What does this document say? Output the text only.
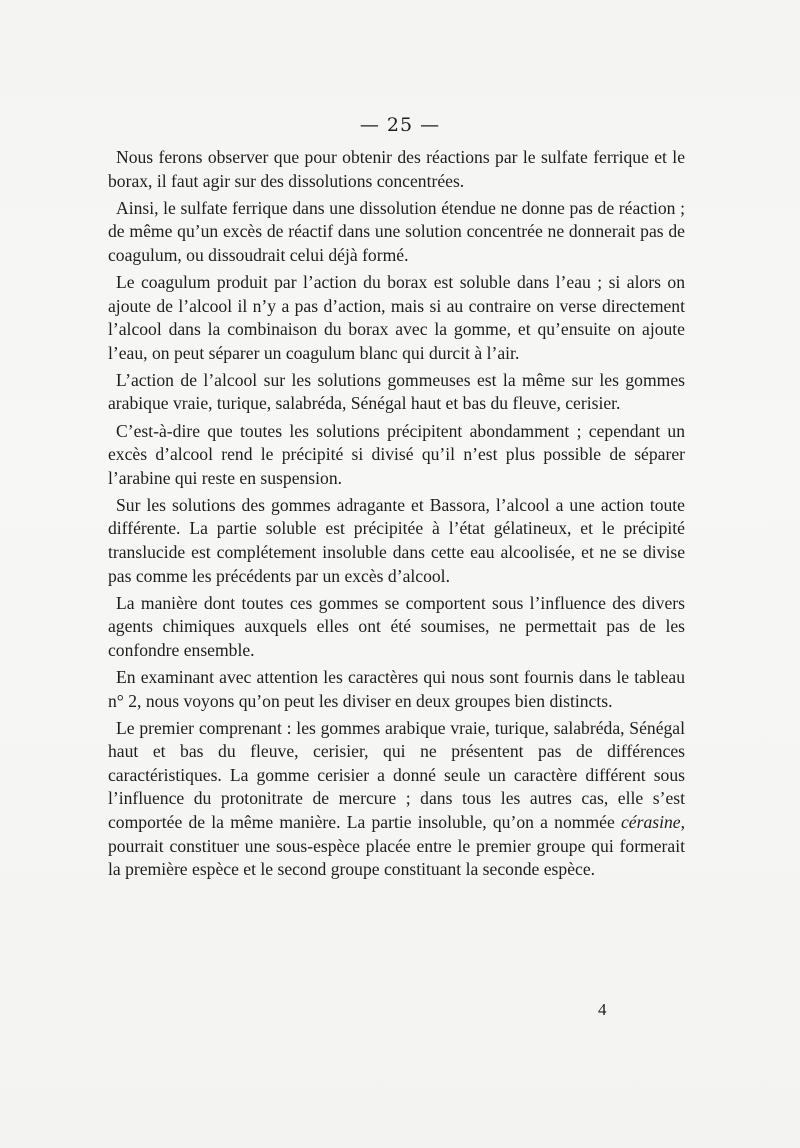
— 25 —

Nous ferons observer que pour obtenir des réactions par le sulfate ferrique et le borax, il faut agir sur des dissolutions concentrées.

Ainsi, le sulfate ferrique dans une dissolution étendue ne donne pas de réaction ; de même qu’un excès de réactif dans une solution concentrée ne donnerait pas de coagulum, ou dissoudrait celui déjà formé.

Le coagulum produit par l’action du borax est soluble dans l’eau ; si alors on ajoute de l’alcool il n’y a pas d’action, mais si au contraire on verse directement l’alcool dans la combinaison du borax avec la gomme, et qu’ensuite on ajoute l’eau, on peut séparer un coagulum blanc qui durcit à l’air.

L’action de l’alcool sur les solutions gommeuses est la même sur les gommes arabique vraie, turique, salabréda, Sénégal haut et bas du fleuve, cerisier.

C’est-à-dire que toutes les solutions précipitent abondamment ; cependant un excès d’alcool rend le précipité si divisé qu’il n’est plus possible de séparer l’arabine qui reste en suspension.

Sur les solutions des gommes adragante et Bassora, l’alcool a une action toute différente. La partie soluble est précipitée à l’état gélatineux, et le précipité translucide est complétement insoluble dans cette eau alcoolisée, et ne se divise pas comme les précédents par un excès d’alcool.

La manière dont toutes ces gommes se comportent sous l’influence des divers agents chimiques auxquels elles ont été soumises, ne permettait pas de les confondre ensemble.

En examinant avec attention les caractères qui nous sont fournis dans le tableau n° 2, nous voyons qu’on peut les diviser en deux groupes bien distincts.

Le premier comprenant : les gommes arabique vraie, turique, salabréda, Sénégal haut et bas du fleuve, cerisier, qui ne présentent pas de différences caractéristiques. La gomme cerisier a donné seule un caractère différent sous l’influence du protonitrate de mercure ; dans tous les autres cas, elle s’est comportée de la même manière. La partie insoluble, qu’on a nommée cérasine, pourrait constituer une sous-espèce placée entre le premier groupe qui formerait la première espèce et le second groupe constituant la seconde espèce.

4
